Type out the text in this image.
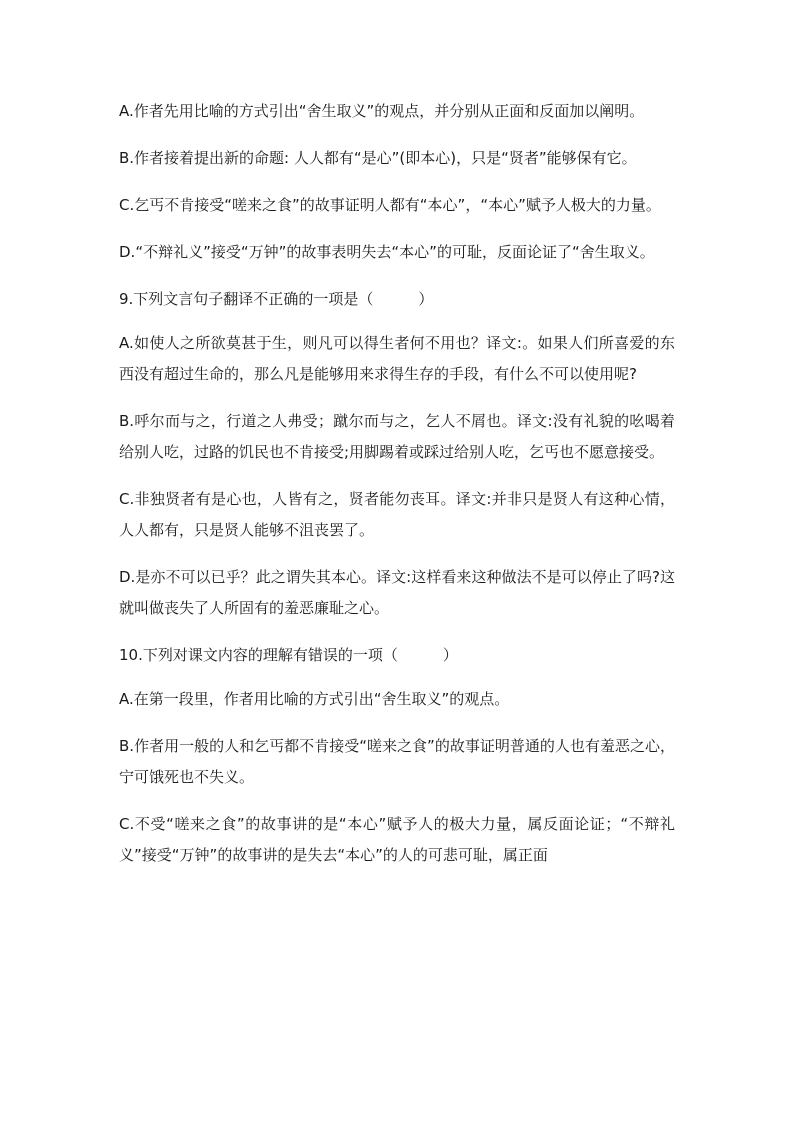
A.作者先用比喻的方式引出“舍生取义”的观点，并分别从正面和反面加以阐明。

B.作者接着提出新的命题: 人人都有“是心”(即本心)，只是“贤者”能够保有它。

C.乞丐不肯接受“嗟来之食”的故事证明人都有“本心”，“本心”赋予人极大的力量。

D.“不辩礼义”接受“万钟”的故事表明失去“本心”的可耻，反面论证了“舍生取义。

9.下列文言句子翻译不正确的一项是（　　　）

A.如使人之所欲莫甚于生，则凡可以得生者何不用也？译文:。如果人们所喜爱的东西没有超过生命的，那么凡是能够用来求得生存的手段，有什么不可以使用呢?

B.呼尔而与之，行道之人弗受；蹴尔而与之，乞人不屑也。译文:没有礼貌的吆喝着给别人吃，过路的饥民也不肯接受;用脚踢着或踩过给别人吃，乞丐也不愿意接受。

C.非独贤者有是心也，人皆有之，贤者能勿丧耳。译文:并非只是贤人有这种心情，人人都有，只是贤人能够不沮丧罢了。

D.是亦不可以已乎？此之谓失其本心。译文:这样看来这种做法不是可以停止了吗?这就叫做丧失了人所固有的羞恶廉耻之心。

10.下列对课文内容的理解有错误的一项（　　　）

A.在第一段里，作者用比喻的方式引出“舍生取义”的观点。

B.作者用一般的人和乞丐都不肯接受“嗟来之食”的故事证明普通的人也有羞恶之心，宁可饿死也不失义。

C.不受“嗟来之食”的故事讲的是“本心”赋予人的极大力量，属反面论证；“不辩礼义”接受“万钟”的故事讲的是失去“本心”的人的可悲可耻，属正面
